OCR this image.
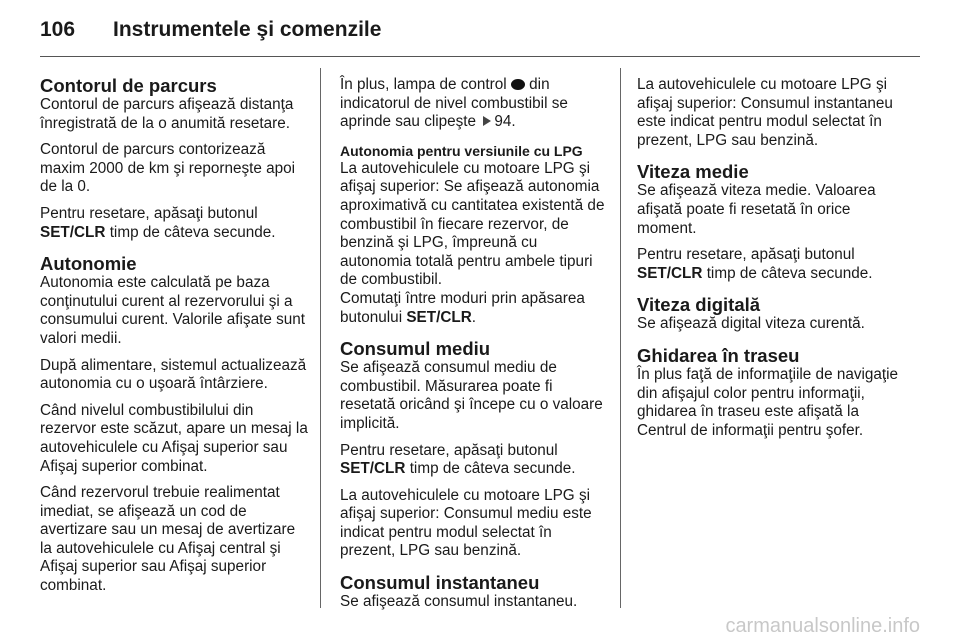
106	Instrumentele şi comenzile
Contorul de parcurs

Contorul de parcurs afişează distanţa înregistrată de la o anumită resetare.

Contorul de parcurs contorizează maxim 2000 de km şi reporneşte apoi de la 0.

Pentru resetare, apăsaţi butonul SET/CLR timp de câteva secunde.

Autonomie

Autonomia este calculată pe baza conţinutului curent al rezervorului şi a consumului curent. Valorile afişate sunt valori medii.

După alimentare, sistemul actualizează autonomia cu o uşoară întârziere.

Când nivelul combustibilului din rezervor este scăzut, apare un mesaj la autovehiculele cu Afişaj superior sau Afişaj superior combinat.

Când rezervorul trebuie realimentat imediat, se afişează un cod de avertizare sau un mesaj de avertizare la autovehiculele cu Afişaj central şi Afişaj superior sau Afişaj superior combinat.

În plus, lampa de control din indicatorul de nivel combustibil se aprinde sau clipeşte 94.

Autonomia pentru versiunile cu LPG

La autovehiculele cu motoare LPG şi afişaj superior: Se afişează autonomia aproximativă cu cantitatea existentă de combustibil în fiecare rezervor, de benzină şi LPG, împreună cu autonomia totală pentru ambele tipuri de combustibil.

Comutaţi între moduri prin apăsarea butonului SET/CLR.

Consumul mediu

Se afişează consumul mediu de combustibil. Măsurarea poate fi resetată oricând şi începe cu o valoare implicită.

Pentru resetare, apăsaţi butonul SET/CLR timp de câteva secunde.

La autovehiculele cu motoare LPG şi afişaj superior: Consumul mediu este indicat pentru modul selectat în prezent, LPG sau benzină.

Consumul instantaneu

Se afişează consumul instantaneu.

La autovehiculele cu motoare LPG şi afişaj superior: Consumul instantaneu este indicat pentru modul selectat în prezent, LPG sau benzină.

Viteza medie

Se afişează viteza medie. Valoarea afişată poate fi resetată în orice moment.

Pentru resetare, apăsaţi butonul SET/CLR timp de câteva secunde.

Viteza digitală

Se afişează digital viteza curentă.

Ghidarea în traseu

În plus faţă de informaţiile de navigaţie din afişajul color pentru informaţii, ghidarea în traseu este afişată la Centrul de informaţii pentru şofer.

carmanualsonline.info
